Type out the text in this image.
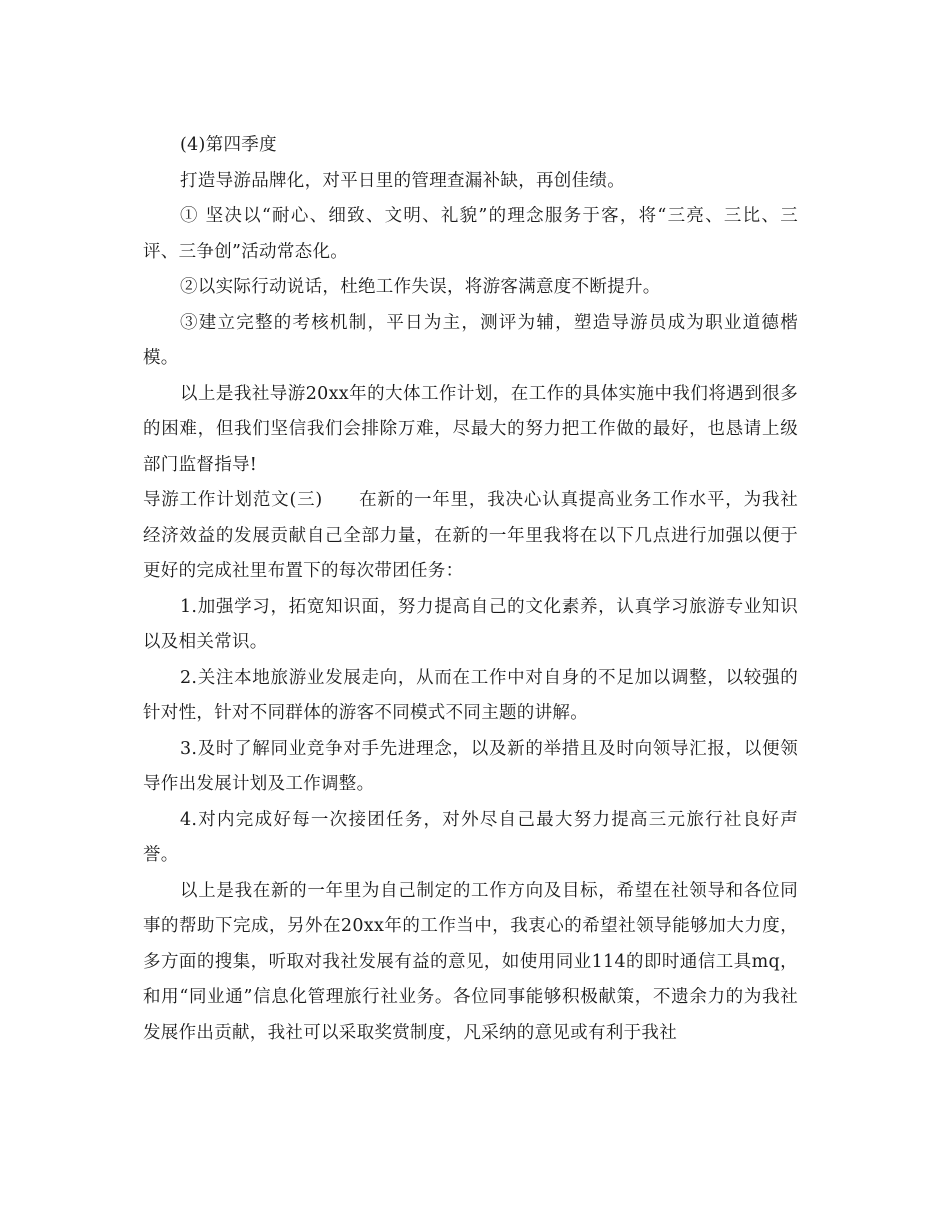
(4)第四季度

打造导游品牌化，对平日里的管理查漏补缺，再创佳绩。

① 坚决以“耐心、细致、文明、礼貌”的理念服务于客，将“三亮、三比、三评、三争创”活动常态化。

②以实际行动说话，杜绝工作失误，将游客满意度不断提升。

③建立完整的考核机制，平日为主，测评为辅，塑造导游员成为职业道德楷模。

以上是我社导游20xx年的大体工作计划，在工作的具体实施中我们将遇到很多的困难，但我们坚信我们会排除万难，尽最大的努力把工作做的最好，也恳请上级部门监督指导!

导游工作计划范文(三) 在新的一年里，我决心认真提高业务工作水平，为我社经济效益的发展贡献自己全部力量，在新的一年里我将在以下几点进行加强以便于更好的完成社里布置下的每次带团任务：

1.加强学习，拓宽知识面，努力提高自己的文化素养，认真学习旅游专业知识以及相关常识。

2.关注本地旅游业发展走向，从而在工作中对自身的不足加以调整，以较强的针对性，针对不同群体的游客不同模式不同主题的讲解。

3.及时了解同业竞争对手先进理念，以及新的举措且及时向领导汇报，以便领导作出发展计划及工作调整。

4.对内完成好每一次接团任务，对外尽自己最大努力提高三元旅行社良好声誉。

以上是我在新的一年里为自己制定的工作方向及目标，希望在社领导和各位同事的帮助下完成，另外在20xx年的工作当中，我衷心的希望社领导能够加大力度，多方面的搜集，听取对我社发展有益的意见，如使用同业114的即时通信工具mq，和用“同业通”信息化管理旅行社业务。各位同事能够积极献策，不遗余力的为我社发展作出贡献，我社可以采取奖赏制度，凡采纳的意见或有利于我社
